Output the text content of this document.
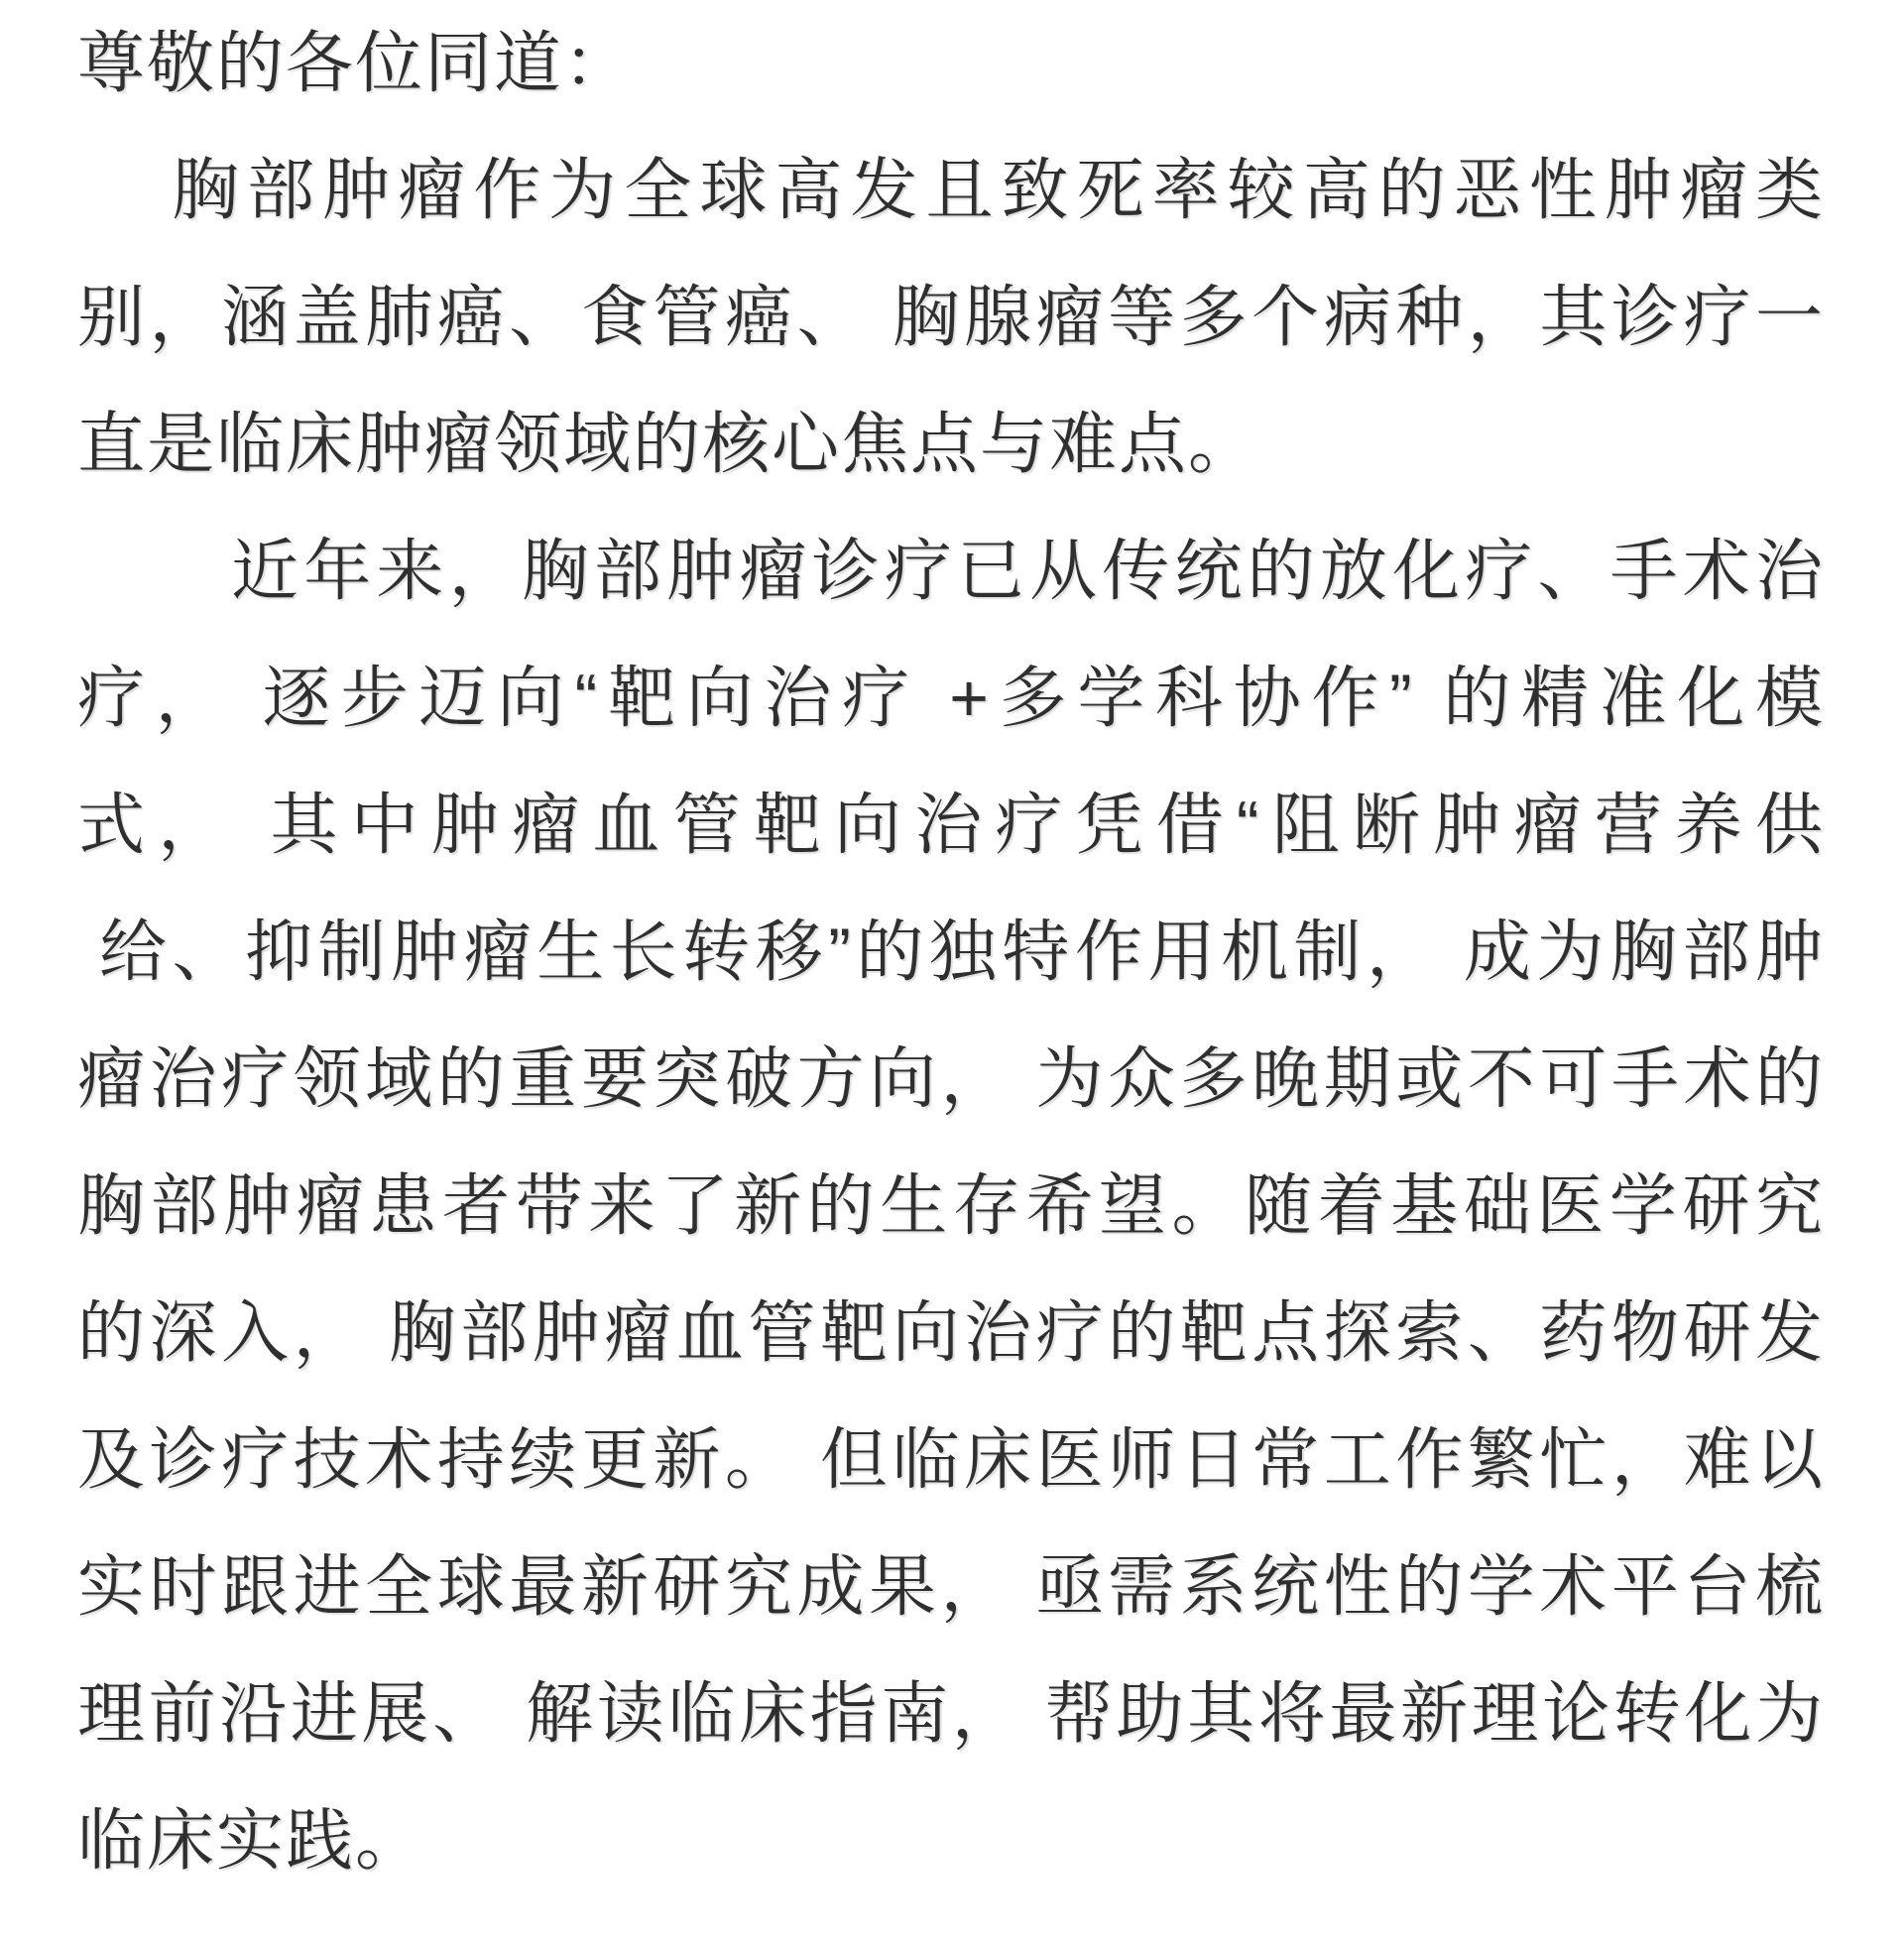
尊敬的各位同道：
胸部肿瘤作为全球高发且致死率较高的恶性肿瘤类
别，涵盖肺癌、食管癌、 胸腺瘤等多个病种，其诊疗一
直是临床肿瘤领域的核心焦点与难点。
近年来，胸部肿瘤诊疗已从传统的放化疗、手术治
疗， 逐步迈向“靶向治疗 +多学科协作” 的精准化模
式， 其中肿瘤血管靶向治疗凭借“阻断肿瘤营养供
给、抑制肿瘤生长转移”的独特作用机制， 成为胸部肿
瘤治疗领域的重要突破方向， 为众多晚期或不可手术的
胸部肿瘤患者带来了新的生存希望。随着基础医学研究
的深入， 胸部肿瘤血管靶向治疗的靶点探索、药物研发
及诊疗技术持续更新。 但临床医师日常工作繁忙，难以
实时跟进全球最新研究成果， 亟需系统性的学术平台梳
理前沿进展、 解读临床指南， 帮助其将最新理论转化为
临床实践。
